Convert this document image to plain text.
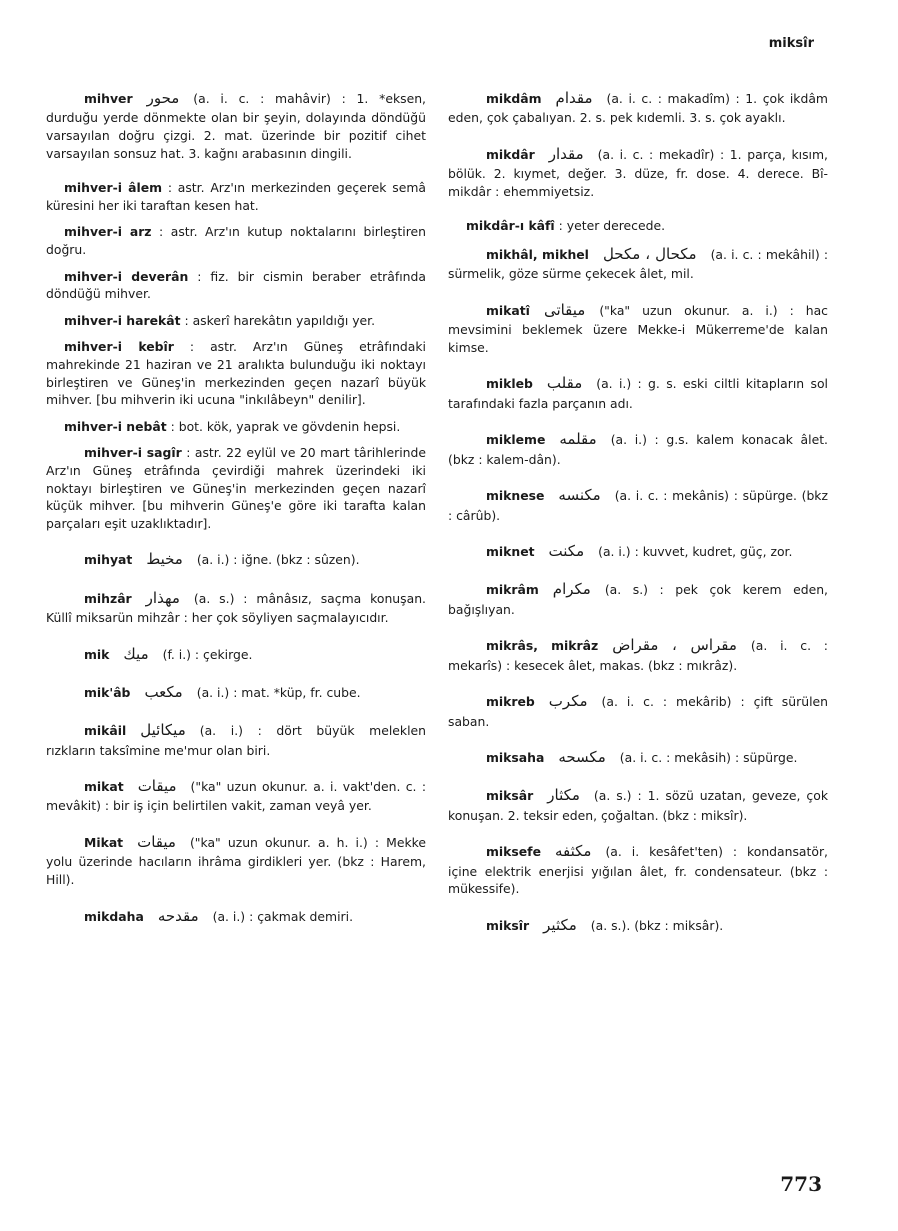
miksîr

mihver محور (a. i. c. : mahâvir) : 1. *eksen, durduğu yerde dönmekte olan bir şeyin, dolayında döndüğü varsayılan doğru çizgi. 2. mat. üzerinde bir pozitif cihet varsayılan sonsuz hat. 3. kağnı arabasının dingili.

mihver-i âlem : astr. Arz'ın merkezinden geçerek semâ küresini her iki taraftan kesen hat.

mihver-i arz : astr. Arz'ın kutup noktalarını birleştiren doğru.

mihver-i deverân : fiz. bir cismin beraber etrâfında döndüğü mihver.

mihver-i harekât : askerî harekâtın yapıldığı yer.

mihver-i kebîr : astr. Arz'ın Güneş etrâfındaki mahrekinde 21 haziran ve 21 aralıkta bulunduğu iki noktayı birleştiren ve Güneş'in merkezinden geçen nazarî büyük mihver. [bu mihverin iki ucuna "inkılâbeyn" denilir].

mihver-i nebât : bot. kök, yaprak ve gövdenin hepsi.

mihver-i sagîr : astr. 22 eylül ve 20 mart târihlerinde Arz'ın Güneş etrâfında çevirdiği mahrek üzerindeki iki noktayı birleştiren ve Güneş'in merkezinden geçen nazarî küçük mihver. [bu mihverin Güneş'e göre iki tarafta kalan parçaları eşit uzaklıktadır].

mihyat مخيط (a. i.) : iğne. (bkz : sûzen).

mihzâr مهذار (a. s.) : mânâsız, saçma konuşan. Küllî miksarün mihzâr : her çok söyliyen saçmalayıcıdır.

mik ميك (f. i.) : çekirge.

mik'âb مكعب (a. i.) : mat. *küp, fr. cube.

mikâil ميكائيل (a. i.) : dört büyük meleklen rızkların taksîmine me'mur olan biri.

mikat ميقات ("ka" uzun okunur. a. i. vakt'den. c. : mevâkit) : bir iş için belirtilen vakit, zaman veyâ yer.

Mikat ميقات ("ka" uzun okunur. a. h. i.) : Mekke yolu üzerinde hacıların ihrâma girdikleri yer. (bkz : Harem, Hill).

mikdaha مقدحه (a. i.) : çakmak demiri.

mikdâm مقدام (a. i. c. : makadîm) : 1. çok ikdâm eden, çok çabalıyan. 2. s. pek kıdemli. 3. s. çok ayaklı.

mikdâr مقدار (a. i. c. : mekadîr) : 1. parça, kısım, bölük. 2. kıymet, değer. 3. düze, fr. dose. 4. derece. Bî-mikdâr : ehemmiyetsiz.

mikdâr-ı kâfî : yeter derecede.

mikhâl, mikhel مكحال ، مكحل (a. i. c. : mekâhil) : sürmelik, göze sürme çekecek âlet, mil.

mikatî ميقاتى ("ka" uzun okunur. a. i.) : hac mevsimini beklemek üzere Mekke-i Mükerreme'de kalan kimse.

mikleb مقلب (a. i.) : g. s. eski ciltli kitapların sol tarafındaki fazla parçanın adı.

mikleme مقلمه (a. i.) : g.s. kalem konacak âlet. (bkz : kalem-dân).

miknese مكنسه (a. i. c. : mekânis) : süpürge. (bkz : cârûb).

miknet مكنت (a. i.) : kuvvet, kudret, güç, zor.

mikrâm مكرام (a. s.) : pek çok kerem eden, bağışlıyan.

mikrâs, mikrâz مقراس ، مقراض (a. i. c. : mekarîs) : kesecek âlet, makas. (bkz : mıkrâz).

mikreb مكرب (a. i. c. : mekârib) : çift sürülen saban.

miksaha مكسحه (a. i. c. : mekâsih) : süpürge.

miksâr مكثار (a. s.) : 1. sözü uzatan, geveze, çok konuşan. 2. teksir eden, çoğaltan. (bkz : miksîr).

miksefe مكثفه (a. i. kesâfet'ten) : kondansatör, içine elektrik enerjisi yığılan âlet, fr. condensateur. (bkz : mükessife).

miksîr مكثير (a. s.). (bkz : miksâr).

773
